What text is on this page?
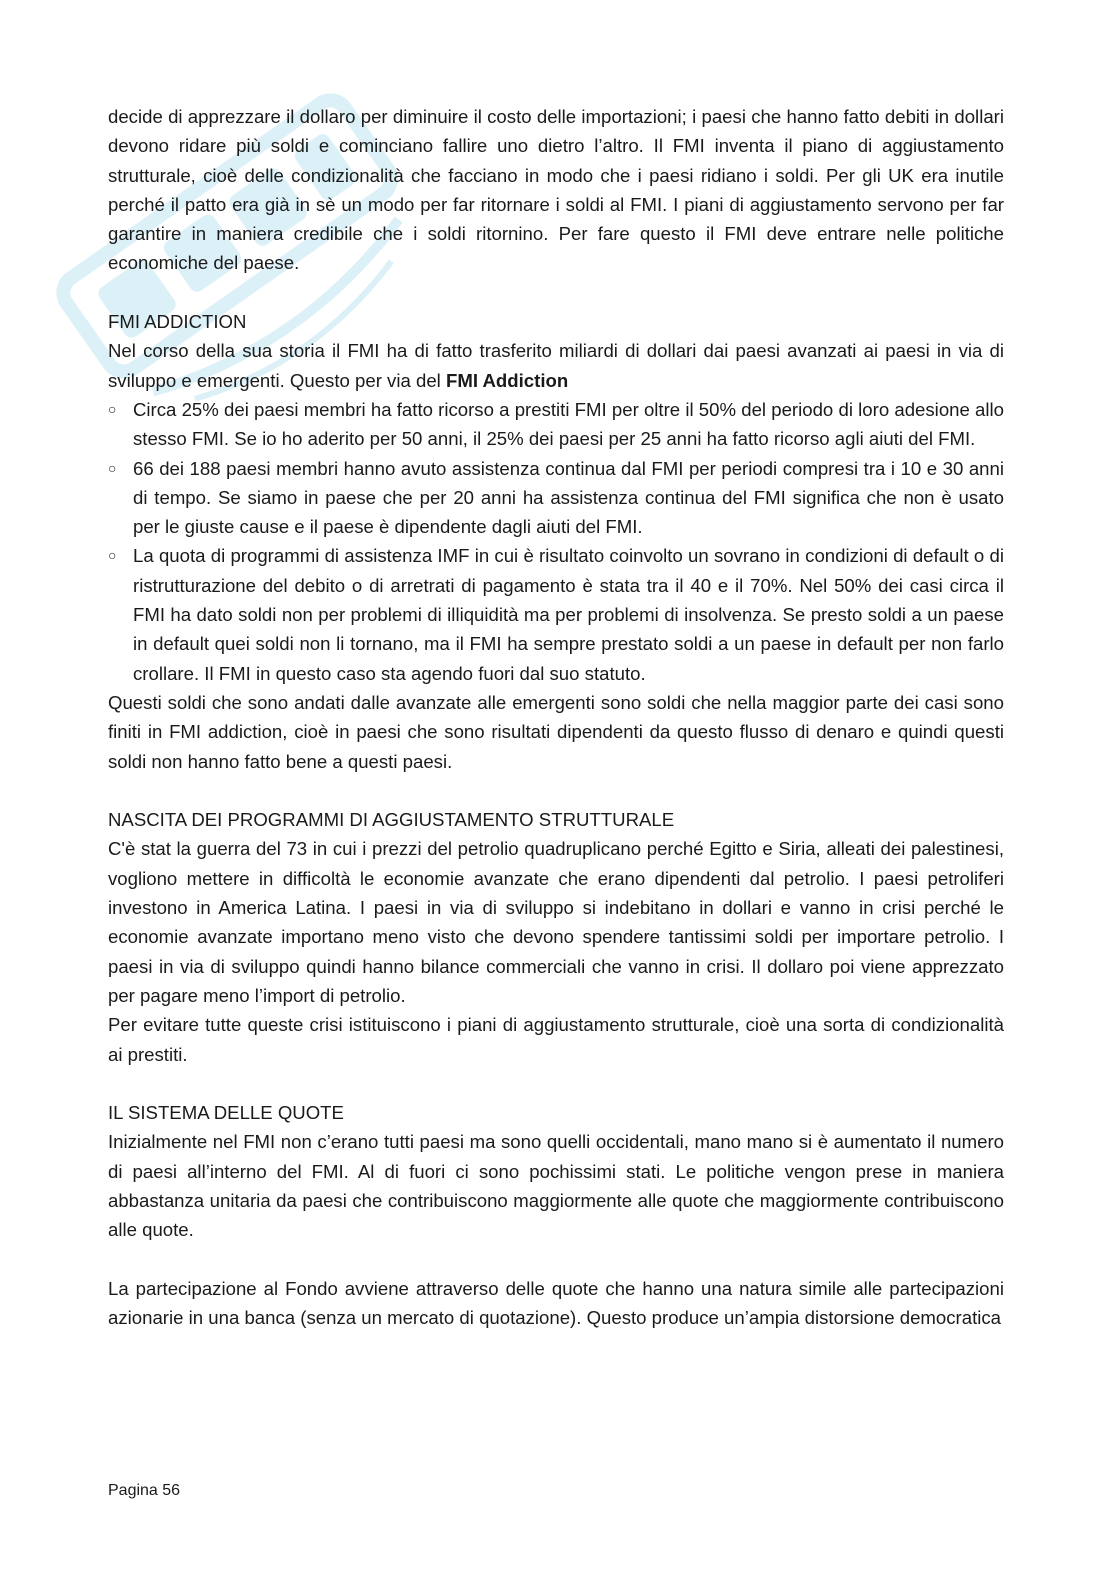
decide di apprezzare il dollaro per diminuire il costo delle importazioni; i paesi che hanno fatto debiti in dollari devono ridare più soldi e cominciano fallire uno dietro l’altro. Il FMI inventa il piano di aggiustamento strutturale, cioè delle condizionalità che facciano in modo che i paesi ridiano i soldi. Per gli UK era inutile perché il patto era già in sè un modo per far ritornare i soldi al FMI. I piani di aggiustamento servono per far garantire in maniera credibile che i soldi ritornino. Per fare questo il FMI deve entrare nelle politiche economiche del paese.

FMI ADDICTION

Nel corso della sua storia il FMI ha di fatto trasferito miliardi di dollari dai paesi avanzati ai paesi in via di sviluppo e emergenti. Questo per via del FMI Addiction

○ Circa 25% dei paesi membri ha fatto ricorso a prestiti FMI per oltre il 50% del periodo di loro adesione allo stesso FMI. Se io ho aderito per 50 anni, il 25% dei paesi per 25 anni ha fatto ricorso agli aiuti del FMI.
○ 66 dei 188 paesi membri hanno avuto assistenza continua dal FMI per periodi compresi tra i 10 e 30 anni di tempo. Se siamo in paese che per 20 anni ha assistenza continua del FMI significa che non è usato per le giuste cause e il paese è dipendente dagli aiuti del FMI.
○ La quota di programmi di assistenza IMF in cui è risultato coinvolto un sovrano in condizioni di default o di ristrutturazione del debito o di arretrati di pagamento è stata tra il 40 e il 70%. Nel 50% dei casi circa il FMI ha dato soldi non per problemi di illiquidità ma per problemi di insolvenza. Se presto soldi a un paese in default quei soldi non li tornano, ma il FMI ha sempre prestato soldi a un paese in default per non farlo crollare. Il FMI in questo caso sta agendo fuori dal suo statuto.

Questi soldi che sono andati dalle avanzate alle emergenti sono soldi che nella maggior parte dei casi sono finiti in FMI addiction, cioè in paesi che sono risultati dipendenti da questo flusso di denaro e quindi questi soldi non hanno fatto bene a questi paesi.

NASCITA DEI PROGRAMMI DI AGGIUSTAMENTO STRUTTURALE

C'è stat la guerra del 73 in cui i prezzi del petrolio quadruplicano perché Egitto e Siria, alleati dei palestinesi, vogliono mettere in difficoltà le economie avanzate che erano dipendenti dal petrolio. I paesi petroliferi investono in America Latina. I paesi in via di sviluppo si indebitano in dollari e vanno in crisi perché le economie avanzate importano meno visto che devono spendere tantissimi soldi per importare petrolio. I paesi in via di sviluppo quindi hanno bilance commerciali che vanno in crisi. Il dollaro poi viene apprezzato per pagare meno l’import di petrolio.

Per evitare tutte queste crisi istituiscono i piani di aggiustamento strutturale, cioè una sorta di condizionalità ai prestiti.

IL SISTEMA DELLE QUOTE

Inizialmente nel FMI non c’erano tutti paesi ma sono quelli occidentali, mano mano si è aumentato il numero di paesi all’interno del FMI. Al di fuori ci sono pochissimi stati. Le politiche vengon prese in maniera abbastanza unitaria da paesi che contribuiscono maggiormente alle quote che maggiormente contribuiscono alle quote.

La partecipazione al Fondo avviene attraverso delle quote che hanno una natura simile alle partecipazioni azionarie in una banca (senza un mercato di quotazione). Questo produce un’ampia distorsione democratica

Pagina 56
